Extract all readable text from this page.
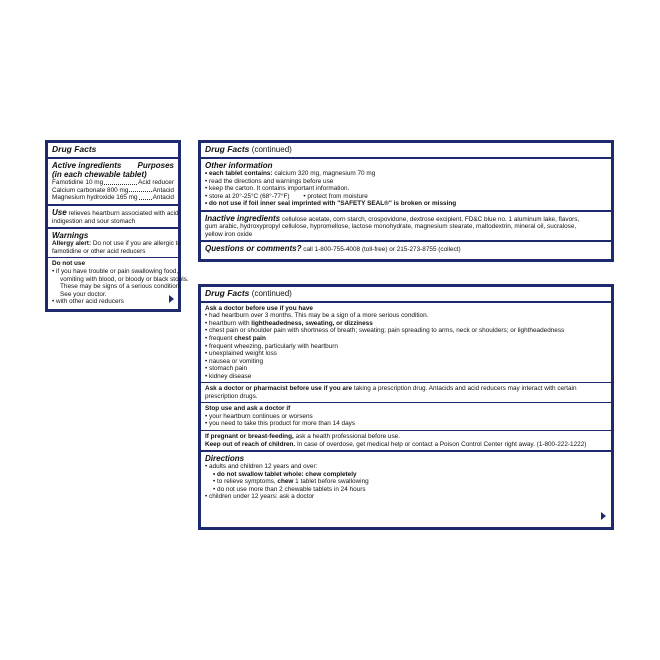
Drug Facts
Active ingredients Purposes
(in each chewable tablet)
Famotidine 10 mg	Acid reducer
Calcium carbonate 800 mg	Antacid
Magnesium hydroxide 165 mg Antacid
Use relieves heartburn associated with acid
indigestion and sour stomach
Warnings
Allergy alert: Do not use if you are allergic to
famotidine or other acid reducers
Do not use
• if you have trouble or pain swallowing food,
vomiting with blood, or bloody or black stools.
These may be signs of a serious condition.
See your doctor.
• with other acid reducers
Drug Facts (continued)
Other information
• each tablet contains: calcium 320 mg, magnesium 70 mg
• read the directions and warnings before use
• keep the carton. It contains important information.
• store at 20°-25°C (68°-77°F) • protect from moisture
• do not use if foil inner seal imprinted with "SAFETY SEAL®" is broken or missing
Inactive ingredients cellulose acetate, corn starch, crospovidone, dextrose excipient, FD&C blue no. 1 aluminum lake, flavors,
gum arabic, hydroxypropyl cellulose, hypromellose, lactose monohydrate, magnesium stearate, maltodextrin, mineral oil, sucralose,
yellow iron oxide
Questions or comments? call 1-800-755-4008 (toll-free) or 215-273-8755 (collect)
Drug Facts (continued)
Ask a doctor before use if you have
• had heartburn over 3 months. This may be a sign of a more serious condition.
• heartburn with lightheadedness, sweating, or dizziness
• chest pain or shoulder pain with shortness of breath; sweating; pain spreading to arms, neck or shoulders; or lightheadedness
• frequent chest pain
• frequent wheezing, particularly with heartburn
• unexplained weight loss
• nausea or vomiting
• stomach pain
• kidney disease
Ask a doctor or pharmacist before use if you are taking a prescription drug. Antacids and acid reducers may interact with certain
prescription drugs.
Stop use and ask a doctor if
• your heartburn continues or worsens
• you need to take this product for more than 14 days
If pregnant or breast-feeding, ask a health professional before use.
Keep out of reach of children. In case of overdose, get medical help or contact a Poison Control Center right away. (1-800-222-1222)
Directions
• adults and children 12 years and over:
• do not swallow tablet whole: chew completely
• to relieve symptoms, chew 1 tablet before swallowing
• do not use more than 2 chewable tablets in 24 hours
• children under 12 years: ask a doctor
